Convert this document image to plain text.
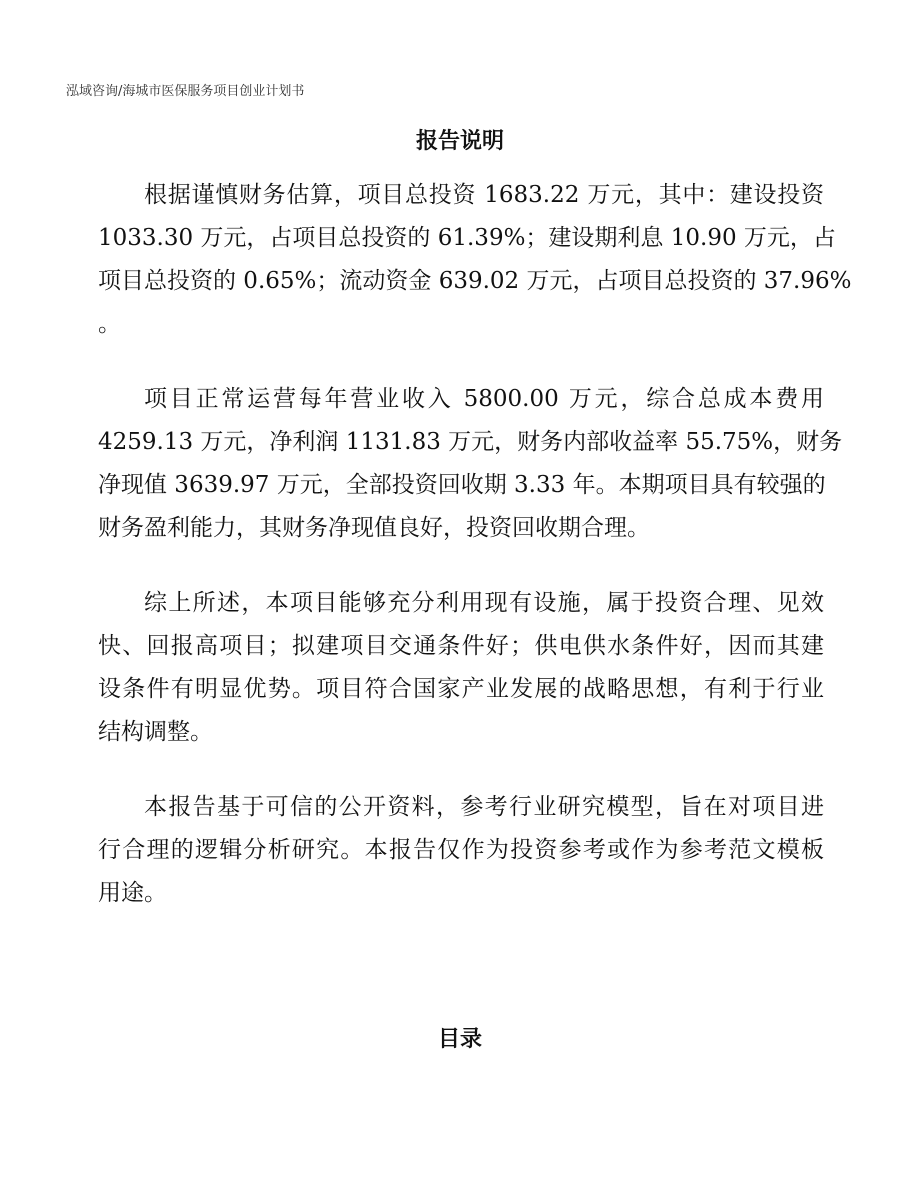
泓域咨询/海城市医保服务项目创业计划书
报告说明
根据谨慎财务估算，项目总投资 1683.22 万元，其中：建设投资
1033.30 万元，占项目总投资的 61.39%；建设期利息 10.90 万元，占
项目总投资的 0.65%；流动资金 639.02 万元，占项目总投资的 37.96%
。
项目正常运营每年营业收入 5800.00 万元，综合总成本费用
4259.13 万元，净利润 1131.83 万元，财务内部收益率 55.75%，财务
净现值 3639.97 万元，全部投资回收期 3.33 年。本期项目具有较强的
财务盈利能力，其财务净现值良好，投资回收期合理。
综上所述，本项目能够充分利用现有设施，属于投资合理、见效
快、回报高项目；拟建项目交通条件好；供电供水条件好，因而其建
设条件有明显优势。项目符合国家产业发展的战略思想，有利于行业
结构调整。
本报告基于可信的公开资料，参考行业研究模型，旨在对项目进
行合理的逻辑分析研究。本报告仅作为投资参考或作为参考范文模板
用途。
目录
